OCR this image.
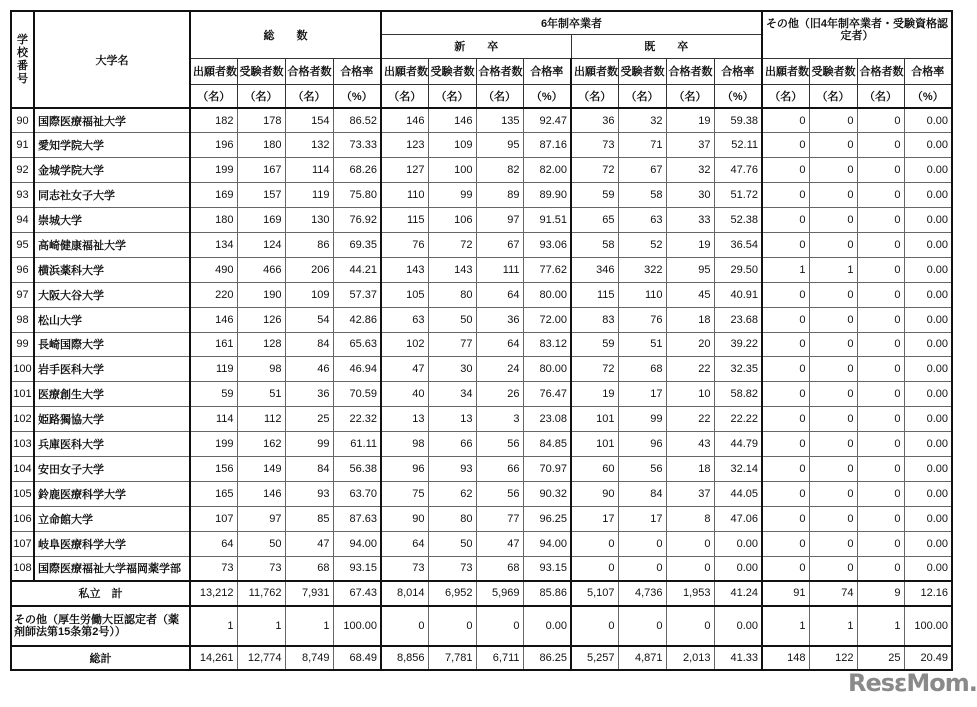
学校番号	大学名	総　　数				6年制卒業者								その他（旧4年制卒業者・受験資格認定者）			
						新　　卒				既　　卒							
		出願者数	受験者数	合格者数	合格率	出願者数	受験者数	合格者数	合格率	出願者数	受験者数	合格者数	合格率	出願者数	受験者数	合格者数	合格率
		（名）	（名）	（名）	（%）	（名）	（名）	（名）	（%）	（名）	（名）	（名）	（%）	（名）	（名）	（名）	（%）
90	国際医療福祉大学	182	178	154	86.52	146	146	135	92.47	36	32	19	59.38	0	0	0	0.00
91	愛知学院大学	196	180	132	73.33	123	109	95	87.16	73	71	37	52.11	0	0	0	0.00
92	金城学院大学	199	167	114	68.26	127	100	82	82.00	72	67	32	47.76	0	0	0	0.00
93	同志社女子大学	169	157	119	75.80	110	99	89	89.90	59	58	30	51.72	0	0	0	0.00
94	崇城大学	180	169	130	76.92	115	106	97	91.51	65	63	33	52.38	0	0	0	0.00
95	高崎健康福祉大学	134	124	86	69.35	76	72	67	93.06	58	52	19	36.54	0	0	0	0.00
96	横浜薬科大学	490	466	206	44.21	143	143	111	77.62	346	322	95	29.50	1	1	0	0.00
97	大阪大谷大学	220	190	109	57.37	105	80	64	80.00	115	110	45	40.91	0	0	0	0.00
98	松山大学	146	126	54	42.86	63	50	36	72.00	83	76	18	23.68	0	0	0	0.00
99	長崎国際大学	161	128	84	65.63	102	77	64	83.12	59	51	20	39.22	0	0	0	0.00
100	岩手医科大学	119	98	46	46.94	47	30	24	80.00	72	68	22	32.35	0	0	0	0.00
101	医療創生大学	59	51	36	70.59	40	34	26	76.47	19	17	10	58.82	0	0	0	0.00
102	姫路獨協大学	114	112	25	22.32	13	13	3	23.08	101	99	22	22.22	0	0	0	0.00
103	兵庫医科大学	199	162	99	61.11	98	66	56	84.85	101	96	43	44.79	0	0	0	0.00
104	安田女子大学	156	149	84	56.38	96	93	66	70.97	60	56	18	32.14	0	0	0	0.00
105	鈴鹿医療科学大学	165	146	93	63.70	75	62	56	90.32	90	84	37	44.05	0	0	0	0.00
106	立命館大学	107	97	85	87.63	90	80	77	96.25	17	17	8	47.06	0	0	0	0.00
107	岐阜医療科学大学	64	50	47	94.00	64	50	47	94.00	0	0	0	0.00	0	0	0	0.00
108	国際医療福祉大学福岡薬学部	73	73	68	93.15	73	73	68	93.15	0	0	0	0.00	0	0	0	0.00
私立　計		13,212	11,762	7,931	67.43	8,014	6,952	5,969	85.86	5,107	4,736	1,953	41.24	91	74	9	12.16
その他（厚生労働大臣認定者（薬剤師法第15条第2号））		1	1	1	100.00	0	0	0	0.00	0	0	0	0.00	1	1	1	100.00
総計		14,261	12,774	8,749	68.49	8,856	7,781	6,711	86.25	5,257	4,871	2,013	41.33	148	122	25	20.49
ResεMom.
